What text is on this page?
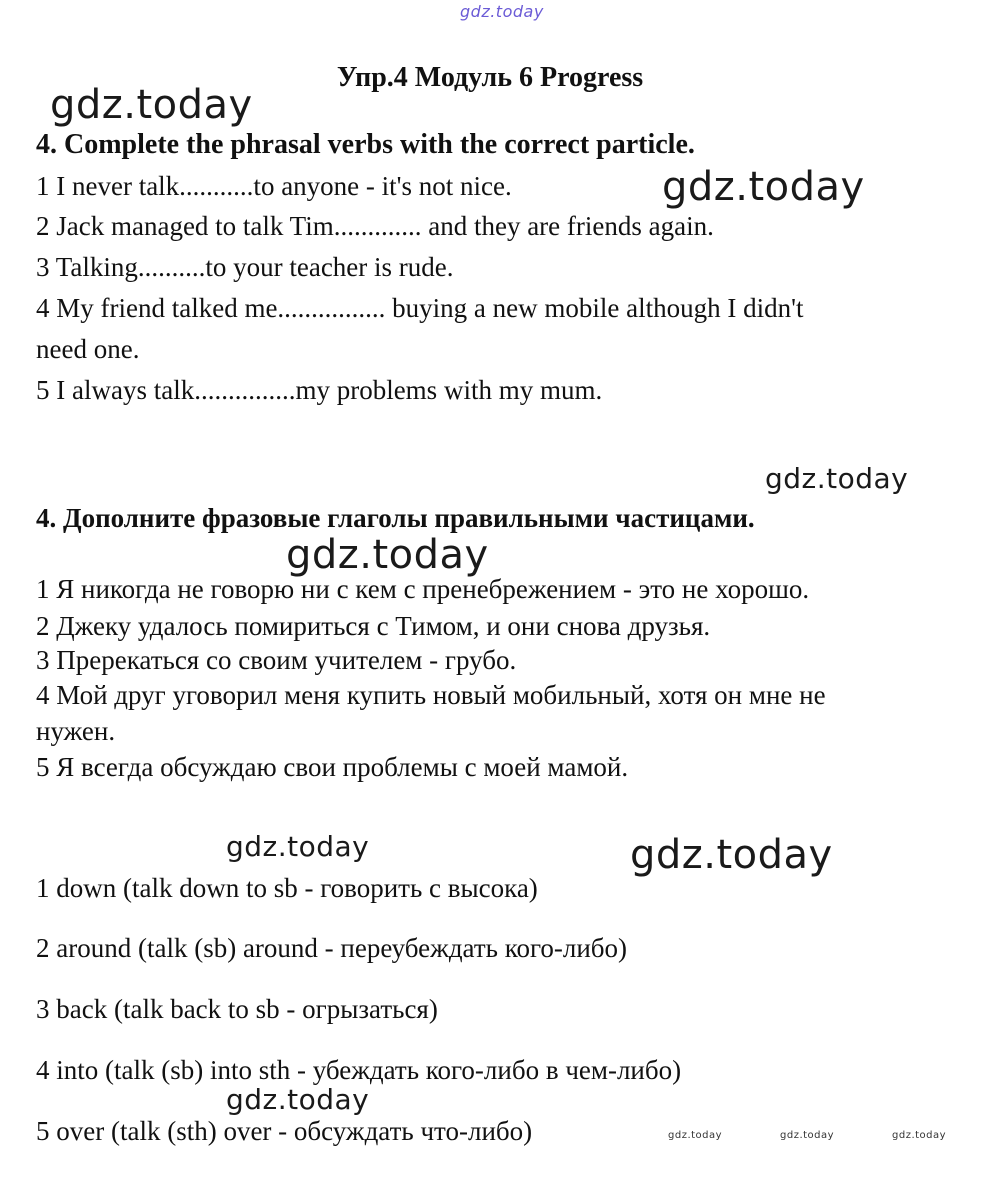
gdz.today
gdz.today
gdz.today
gdz.today
gdz.today
gdz.today	gdz.today
gdz.today
gdz.today	gdz.today	gdz.today
Упр.4 Модуль 6 Progress
4. Complete the phrasal verbs with the correct particle.
1 I never talk...........to anyone - it's not nice.
2 Jack managed to talk Tim............. and they are friends again.
3 Talking..........to your teacher is rude.
4 My friend talked me................ buying a new mobile although I didn't
need one.
5 I always talk...............my problems with my mum.
4. Дополните фразовые глаголы правильными частицами.
1 Я никогда не говорю ни с кем с пренебрежением - это не хорошо.
2 Джеку удалось помириться с Тимом, и они снова друзья.
3 Пререкаться со своим учителем - грубо.
4 Мой друг уговорил меня купить новый мобильный, хотя он мне не
нужен.
5 Я всегда обсуждаю свои проблемы с моей мамой.
1 down (talk down to sb - говорить с высока)
2 around (talk (sb) around - переубеждать кого-либо)
3 back (talk back to sb - огрызаться)
4 into (talk (sb) into sth - убеждать кого-либо в чем-либо)
5 over (talk (sth) over - обсуждать что-либо)
